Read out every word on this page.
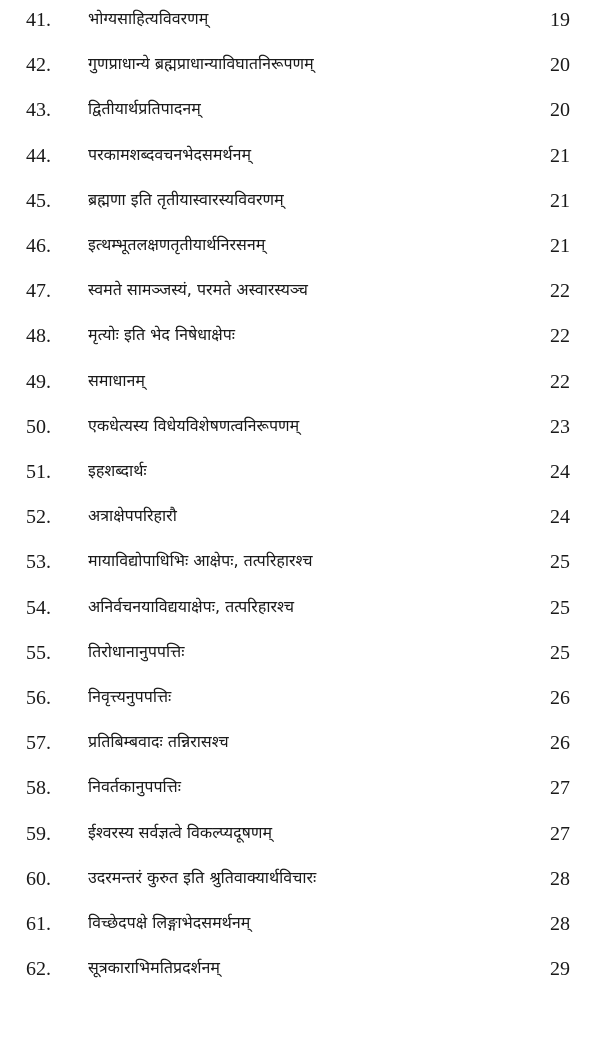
41. भोग्यसाहित्यविवरणम्	19
42. गुणप्राधान्ये ब्रह्मप्राधान्याविघातनिरूपणम्	20
43. द्वितीयार्थप्रतिपादनम्	20
44. परकामशब्दवचनभेदसमर्थनम्	21
45. ब्रह्मणा इति तृतीयास्वारस्यविवरणम्	21
46. इत्थम्भूतलक्षणतृतीयार्थनिरसनम्	21
47. स्वमते सामञ्जस्यं, परमते अस्वारस्यञ्च	22
48. मृत्योः इति भेद निषेधाक्षेपः	22
49. समाधानम्	22
50. एकधेत्यस्य विधेयविशेषणत्वनिरूपणम्	23
51. इहशब्दार्थः	24
52. अत्राक्षेपपरिहारौ	24
53. मायाविद्योपाधिभिः आक्षेपः, तत्परिहारश्च	25
54. अनिर्वचनयाविद्ययाक्षेपः, तत्परिहारश्च	25
55. तिरोधानानुपपत्तिः	25
56. निवृत्त्यनुपपत्तिः	26
57. प्रतिबिम्बवादः तन्निरासश्च	26
58. निवर्तकानुपपत्तिः	27
59. ईश्वरस्य सर्वज्ञत्वे विकल्प्यदूषणम्	27
60. उदरमन्तरं कुरुत इति श्रुतिवाक्यार्थविचारः	28
61. विच्छेदपक्षे लिङ्गाभेदसमर्थनम्	28
62. सूत्रकाराभिमतिप्रदर्शनम्	29
